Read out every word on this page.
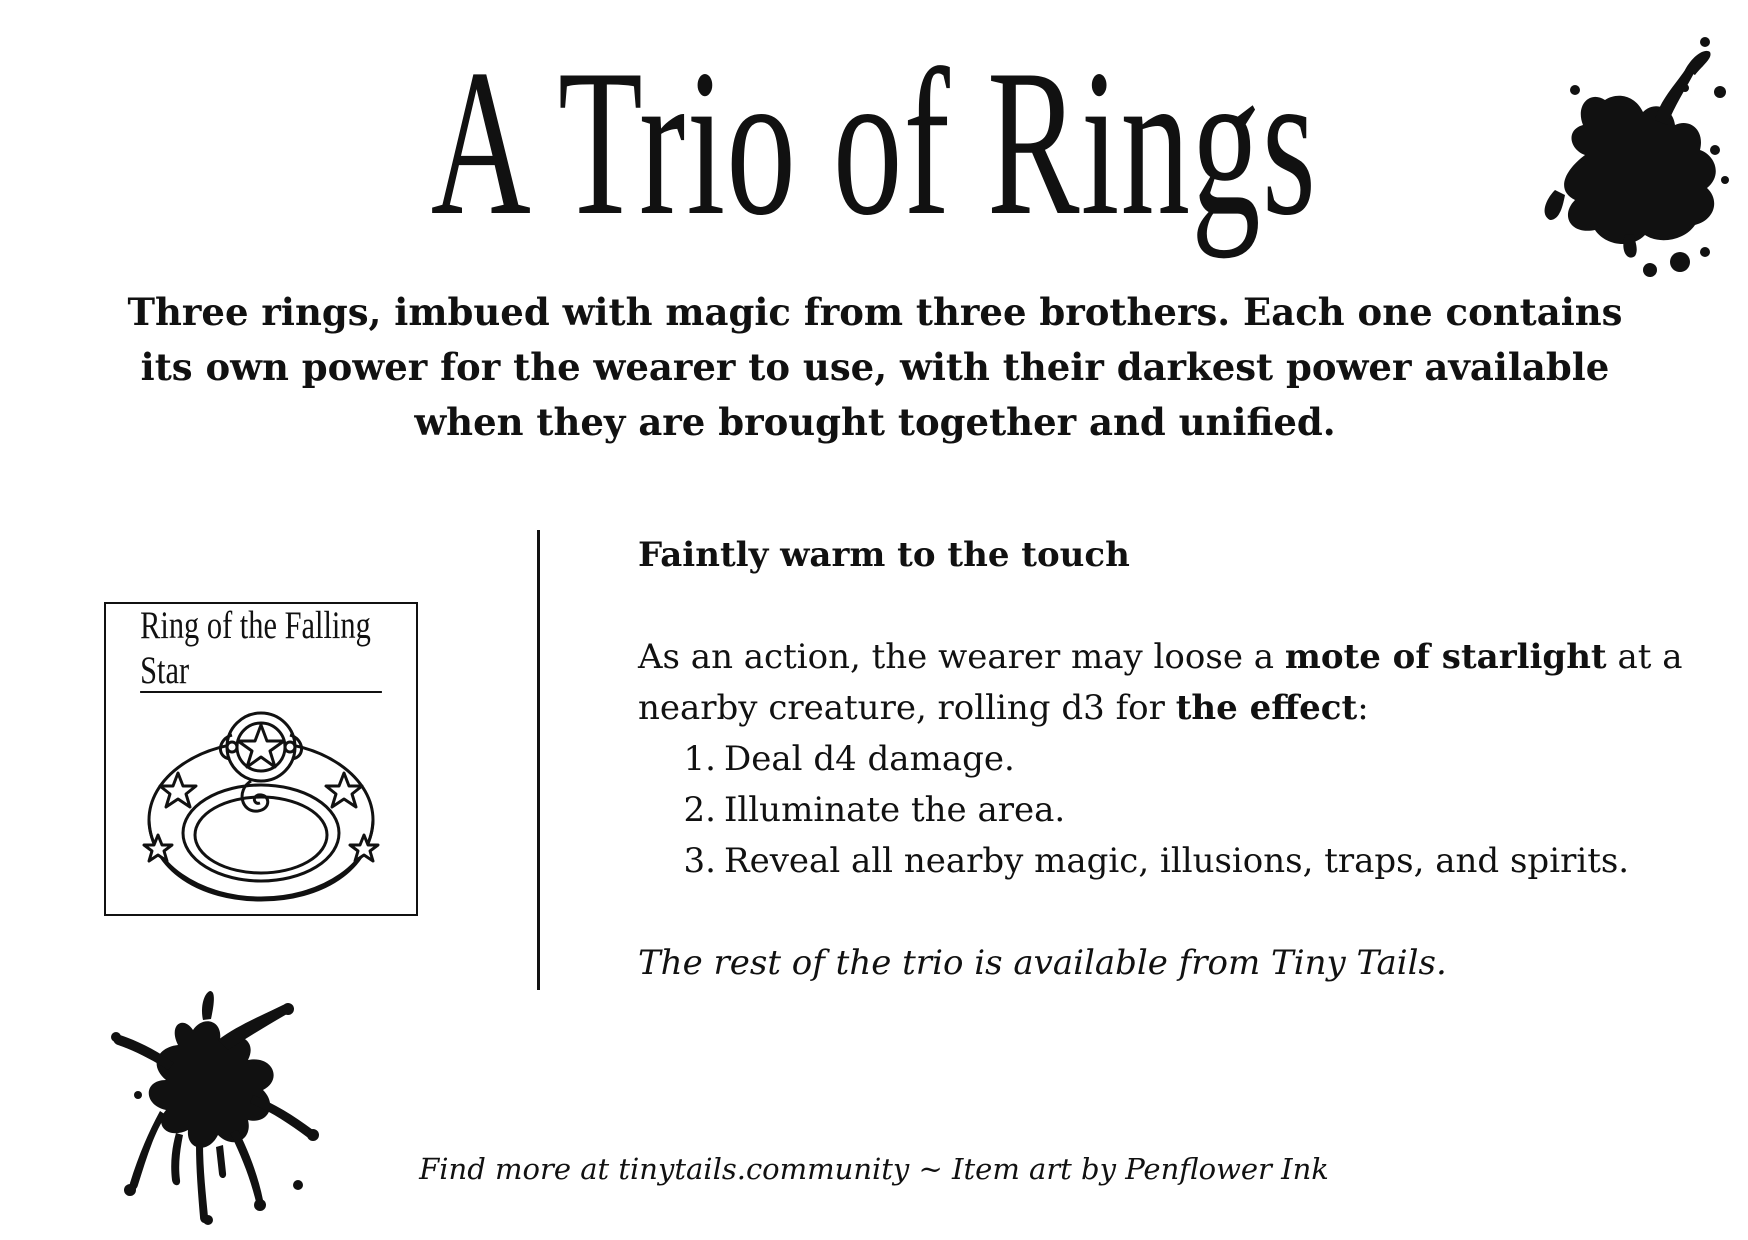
A Trio of Rings

Three rings, imbued with magic from three brothers. Each one contains its own power for the wearer to use, with their darkest power available when they are brought together and unified.

Ring of the Falling Star

Faintly warm to the touch

As an action, the wearer may loose a mote of starlight at a nearby creature, rolling d3 for the effect:

1. Deal d4 damage.
2. Illuminate the area.
3. Reveal all nearby magic, illusions, traps, and spirits.

The rest of the trio is available from Tiny Tails.

Find more at tinytails.community ~ Item art by Penflower Ink
